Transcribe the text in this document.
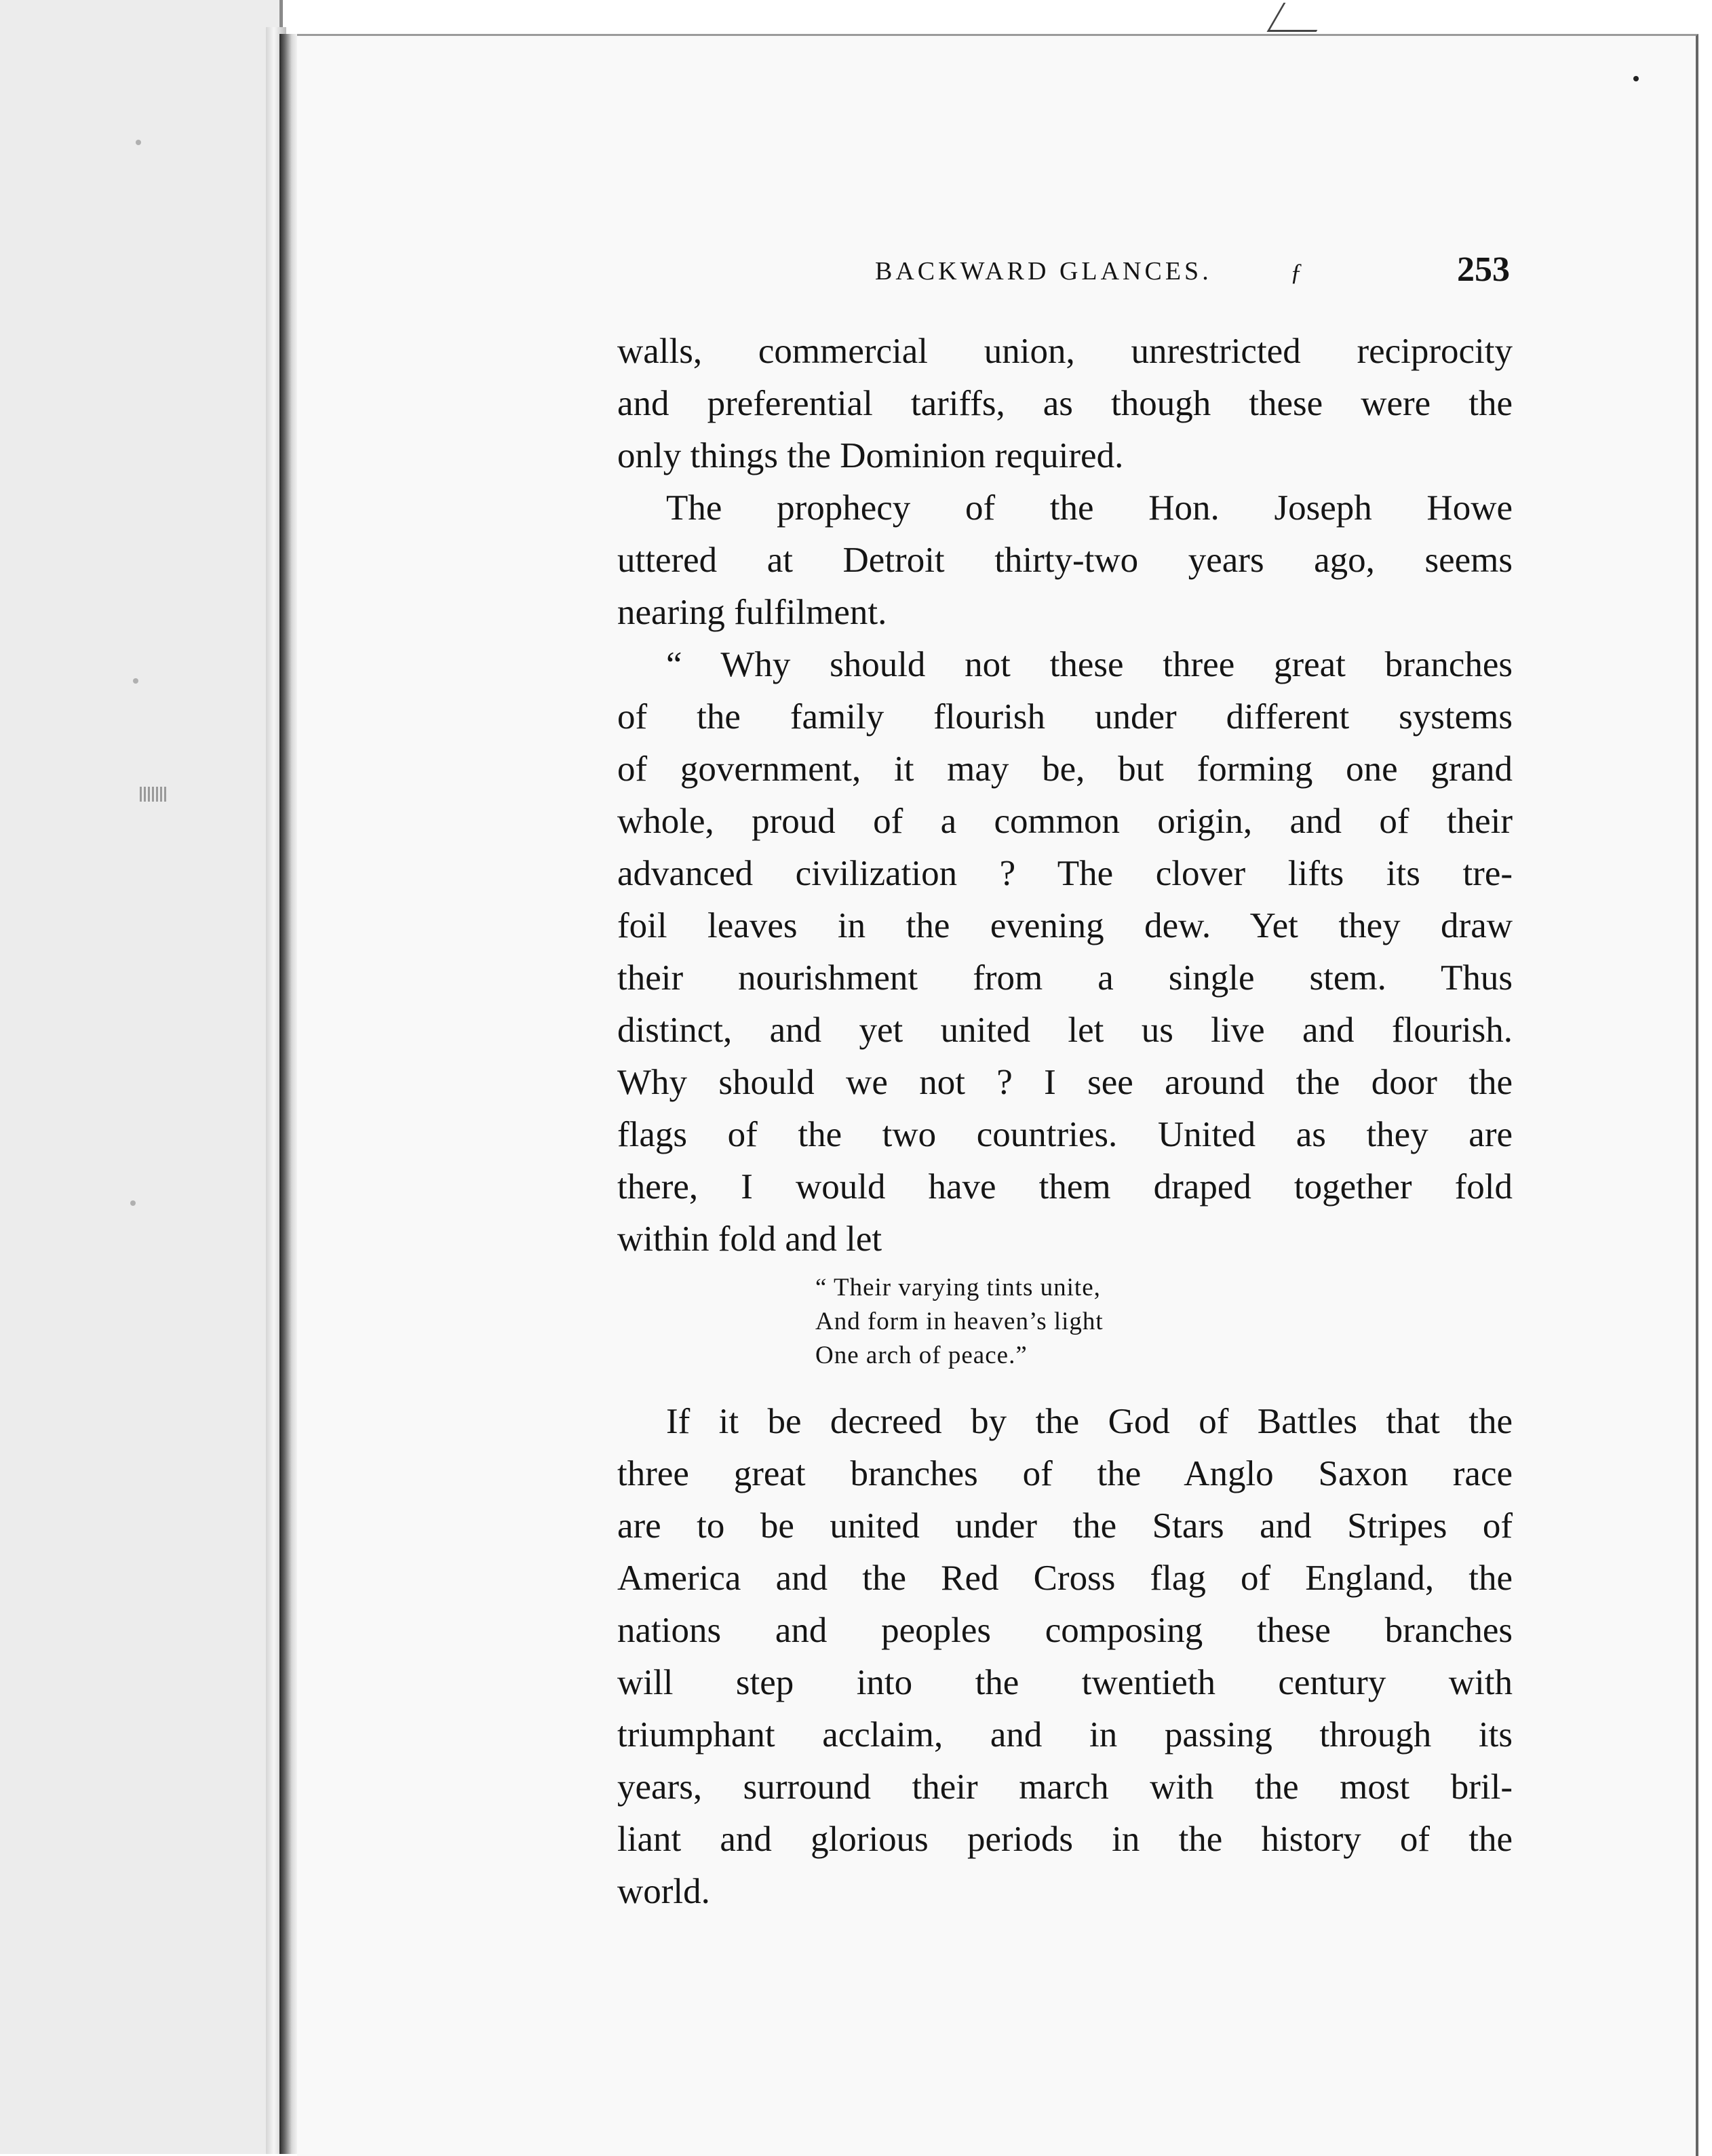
BACKWARD GLANCES.	ƒ	253
walls, commercial union, unrestricted reciprocity
and preferential tariffs, as though these were the
only things the Dominion required.
The prophecy of the Hon. Joseph Howe
uttered at Detroit thirty-two years ago, seems
nearing fulfilment.
“ Why should not these three great branches
of the family flourish under different systems
of government, it may be, but forming one grand
whole, proud of a common origin, and of their
advanced civilization ? The clover lifts its tre-
foil leaves in the evening dew. Yet they draw
their nourishment from a single stem. Thus
distinct, and yet united let us live and flourish.
Why should we not ? I see around the door the
flags of the two countries. United as they are
there, I would have them draped together fold
within fold and let
“ Their varying tints unite,
And form in heaven’s light
One arch of peace.”
If it be decreed by the God of Battles that the
three great branches of the Anglo Saxon race
are to be united under the Stars and Stripes of
America and the Red Cross flag of England, the
nations and peoples composing these branches
will step into the twentieth century with
triumphant acclaim, and in passing through its
years, surround their march with the most bril-
liant and glorious periods in the history of the
world.
